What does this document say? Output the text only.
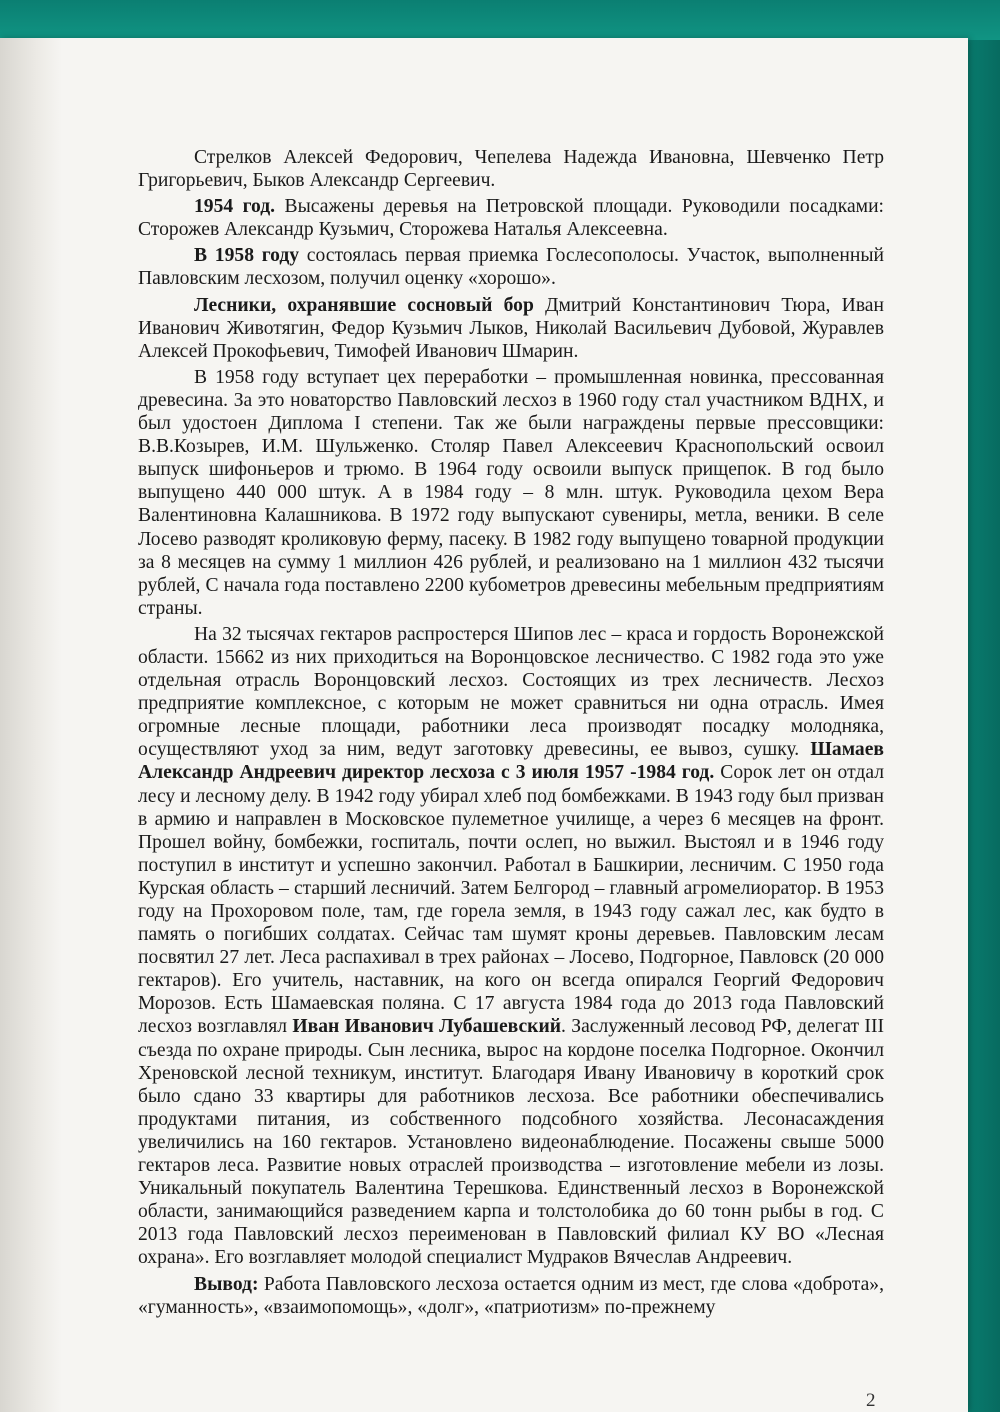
Стрелков Алексей Федорович, Чепелева Надежда Ивановна, Шевченко Петр Григорьевич, Быков Александр Сергеевич.

1954 год. Высажены деревья на Петровской площади. Руководили посадками: Сторожев Александр Кузьмич, Сторожева Наталья Алексеевна.

В 1958 году состоялась первая приемка Гослесополосы. Участок, выполненный Павловским лесхозом, получил оценку «хорошо».

Лесники, охранявшие сосновый бор Дмитрий Константинович Тюра, Иван Иванович Животягин, Федор Кузьмич Лыков, Николай Васильевич Дубовой, Журавлев Алексей Прокофьевич, Тимофей Иванович Шмарин.

В 1958 году вступает цех переработки – промышленная новинка, прессованная древесина. За это новаторство Павловский лесхоз в 1960 году стал участником ВДНХ, и был удостоен Диплома I степени. Так же были награждены первые прессовщики: В.В.Козырев, И.М. Шульженко. Столяр Павел Алексеевич Краснопольский освоил выпуск шифоньеров и трюмо. В 1964 году освоили выпуск прищепок. В год было выпущено 440 000 штук. А в 1984 году – 8 млн. штук. Руководила цехом Вера Валентиновна Калашникова. В 1972 году выпускают сувениры, метла, веники. В селе Лосево разводят кроликовую ферму, пасеку. В 1982 году выпущено товарной продукции за 8 месяцев на сумму 1 миллион 426 рублей, и реализовано на 1 миллион 432 тысячи рублей, С начала года поставлено 2200 кубометров древесины мебельным предприятиям страны.

На 32 тысячах гектаров распростерся Шипов лес – краса и гордость Воронежской области. 15662 из них приходиться на Воронцовское лесничество. С 1982 года это уже отдельная отрасль Воронцовский лесхоз. Состоящих из трех лесничеств. Лесхоз предприятие комплексное, с которым не может сравниться ни одна отрасль. Имея огромные лесные площади, работники леса производят посадку молодняка, осуществляют уход за ним, ведут заготовку древесины, ее вывоз, сушку. Шамаев Александр Андреевич директор лесхоза с 3 июля 1957 -1984 год. Сорок лет он отдал лесу и лесному делу. В 1942 году убирал хлеб под бомбежками. В 1943 году был призван в армию и направлен в Московское пулеметное училище, а через 6 месяцев на фронт. Прошел войну, бомбежки, госпиталь, почти ослеп, но выжил. Выстоял и в 1946 году поступил в институт и успешно закончил. Работал в Башкирии, лесничим. С 1950 года Курская область – старший лесничий. Затем Белгород – главный агромелиоратор. В 1953 году на Прохоровом поле, там, где горела земля, в 1943 году сажал лес, как будто в память о погибших солдатах. Сейчас там шумят кроны деревьев. Павловским лесам посвятил 27 лет. Леса распахивал в трех районах – Лосево, Подгорное, Павловск (20 000 гектаров). Его учитель, наставник, на кого он всегда опирался Георгий Федорович Морозов. Есть Шамаевская поляна. С 17 августа 1984 года до 2013 года Павловский лесхоз возглавлял Иван Иванович Лубашевский. Заслуженный лесовод РФ, делегат III съезда по охране природы. Сын лесника, вырос на кордоне поселка Подгорное. Окончил Хреновской лесной техникум, институт. Благодаря Ивану Ивановичу в короткий срок было сдано 33 квартиры для работников лесхоза. Все работники обеспечивались продуктами питания, из собственного подсобного хозяйства. Лесонасаждения увеличились на 160 гектаров. Установлено видеонаблюдение. Посажены свыше 5000 гектаров леса. Развитие новых отраслей производства – изготовление мебели из лозы. Уникальный покупатель Валентина Терешкова. Единственный лесхоз в Воронежской области, занимающийся разведением карпа и толстолобика до 60 тонн рыбы в год. С 2013 года Павловский лесхоз переименован в Павловский филиал КУ ВО «Лесная охрана». Его возглавляет молодой специалист Мудраков Вячеслав Андреевич.

Вывод: Работа Павловского лесхоза остается одним из мест, где слова «доброта», «гуманность», «взаимопомощь», «долг», «патриотизм» по-прежнему

2
